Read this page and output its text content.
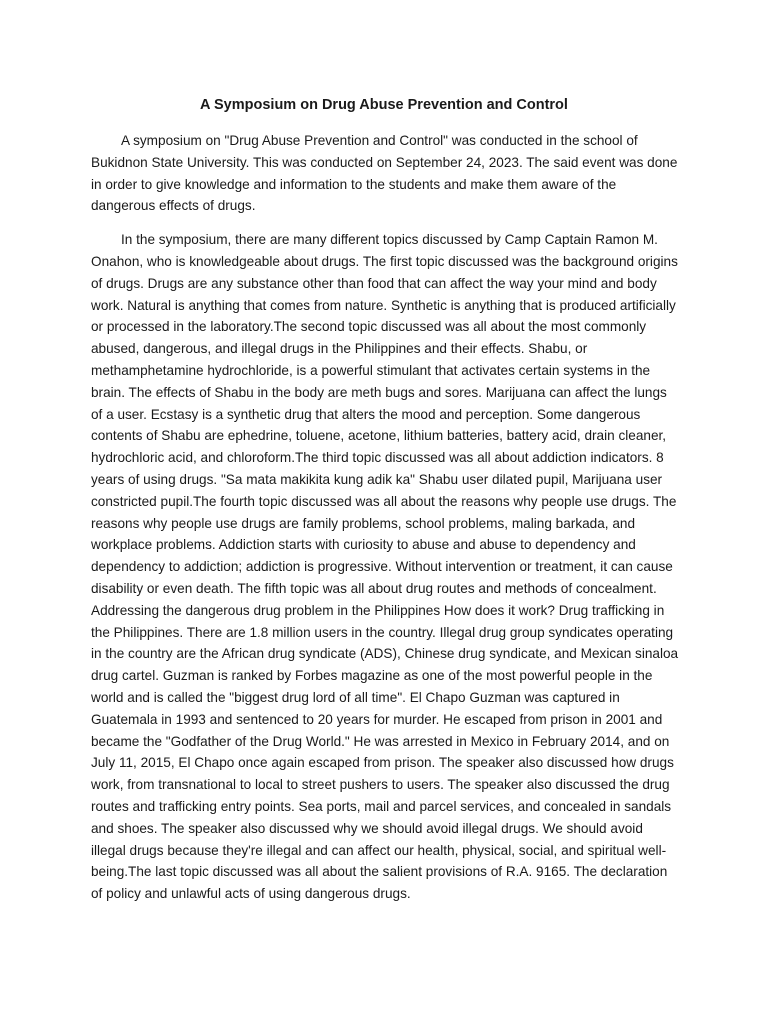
A Symposium on Drug Abuse Prevention and Control

A symposium on "Drug Abuse Prevention and Control" was conducted in the school of Bukidnon State University. This was conducted on September 24, 2023. The said event was done in order to give knowledge and information to the students and make them aware of the dangerous effects of drugs.

In the symposium, there are many different topics discussed by Camp Captain Ramon M. Onahon, who is knowledgeable about drugs. The first topic discussed was the background origins of drugs. Drugs are any substance other than food that can affect the way your mind and body work. Natural is anything that comes from nature. Synthetic is anything that is produced artificially or processed in the laboratory.The second topic discussed was all about the most commonly abused, dangerous, and illegal drugs in the Philippines and their effects. Shabu, or methamphetamine hydrochloride, is a powerful stimulant that activates certain systems in the brain. The effects of Shabu in the body are meth bugs and sores. Marijuana can affect the lungs of a user. Ecstasy is a synthetic drug that alters the mood and perception. Some dangerous contents of Shabu are ephedrine, toluene, acetone, lithium batteries, battery acid, drain cleaner, hydrochloric acid, and chloroform.The third topic discussed was all about addiction indicators. 8 years of using drugs. "Sa mata makikita kung adik ka" Shabu user dilated pupil, Marijuana user constricted pupil.The fourth topic discussed was all about the reasons why people use drugs. The reasons why people use drugs are family problems, school problems, maling barkada, and workplace problems. Addiction starts with curiosity to abuse and abuse to dependency and dependency to addiction; addiction is progressive. Without intervention or treatment, it can cause disability or even death. The fifth topic was all about drug routes and methods of concealment. Addressing the dangerous drug problem in the Philippines How does it work? Drug trafficking in the Philippines. There are 1.8 million users in the country. Illegal drug group syndicates operating in the country are the African drug syndicate (ADS), Chinese drug syndicate, and Mexican sinaloa drug cartel. Guzman is ranked by Forbes magazine as one of the most powerful people in the world and is called the "biggest drug lord of all time". El Chapo Guzman was captured in Guatemala in 1993 and sentenced to 20 years for murder. He escaped from prison in 2001 and became the "Godfather of the Drug World." He was arrested in Mexico in February 2014, and on July 11, 2015, El Chapo once again escaped from prison. The speaker also discussed how drugs work, from transnational to local to street pushers to users. The speaker also discussed the drug routes and trafficking entry points. Sea ports, mail and parcel services, and concealed in sandals and shoes. The speaker also discussed why we should avoid illegal drugs. We should avoid illegal drugs because they're illegal and can affect our health, physical, social, and spiritual well-being.The last topic discussed was all about the salient provisions of R.A. 9165. The declaration of policy and unlawful acts of using dangerous drugs.
